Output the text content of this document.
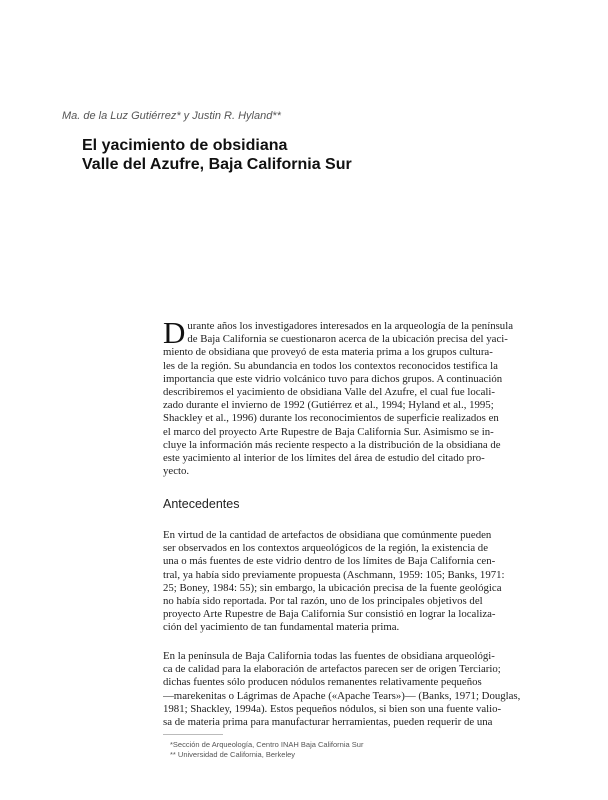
Ma. de la Luz Gutiérrez* y Justin R. Hyland**
El yacimiento de obsidiana
Valle del Azufre, Baja California Sur
D urante años los investigadores interesados en la arqueología de la península
de Baja California se cuestionaron acerca de la ubicación precisa del yaci-
miento de obsidiana que proveyó de esta materia prima a los grupos cultura-
les de la región. Su abundancia en todos los contextos reconocidos testifica la
importancia que este vidrio volcánico tuvo para dichos grupos. A continuación
describiremos el yacimiento de obsidiana Valle del Azufre, el cual fue locali-
zado durante el invierno de 1992 (Gutiérrez et al., 1994; Hyland et al., 1995;
Shackley et al., 1996) durante los reconocimientos de superficie realizados en
el marco del proyecto Arte Rupestre de Baja California Sur. Asimismo se in-
cluye la información más reciente respecto a la distribución de la obsidiana de
este yacimiento al interior de los límites del área de estudio del citado pro-
yecto.
Antecedentes
En virtud de la cantidad de artefactos de obsidiana que comúnmente pueden
ser observados en los contextos arqueológicos de la región, la existencia de
una o más fuentes de este vidrio dentro de los límites de Baja California cen-
tral, ya había sido previamente propuesta (Aschmann, 1959: 105; Banks, 1971:
25; Boney, 1984: 55); sin embargo, la ubicación precisa de la fuente geológica
no había sido reportada. Por tal razón, uno de los principales objetivos del
proyecto Arte Rupestre de Baja California Sur consistió en lograr la localiza-
ción del yacimiento de tan fundamental materia prima.
En la península de Baja California todas las fuentes de obsidiana arqueológi-
ca de calidad para la elaboración de artefactos parecen ser de origen Terciario;
dichas fuentes sólo producen nódulos remanentes relativamente pequeños
—marekenitas o Lágrimas de Apache («Apache Tears»)— (Banks, 1971; Douglas,
1981; Shackley, 1994a). Estos pequeños nódulos, si bien son una fuente valio-
sa de materia prima para manufacturar herramientas, pueden requerir de una
*Sección de Arqueología, Centro INAH Baja California Sur
** Universidad de California, Berkeley
